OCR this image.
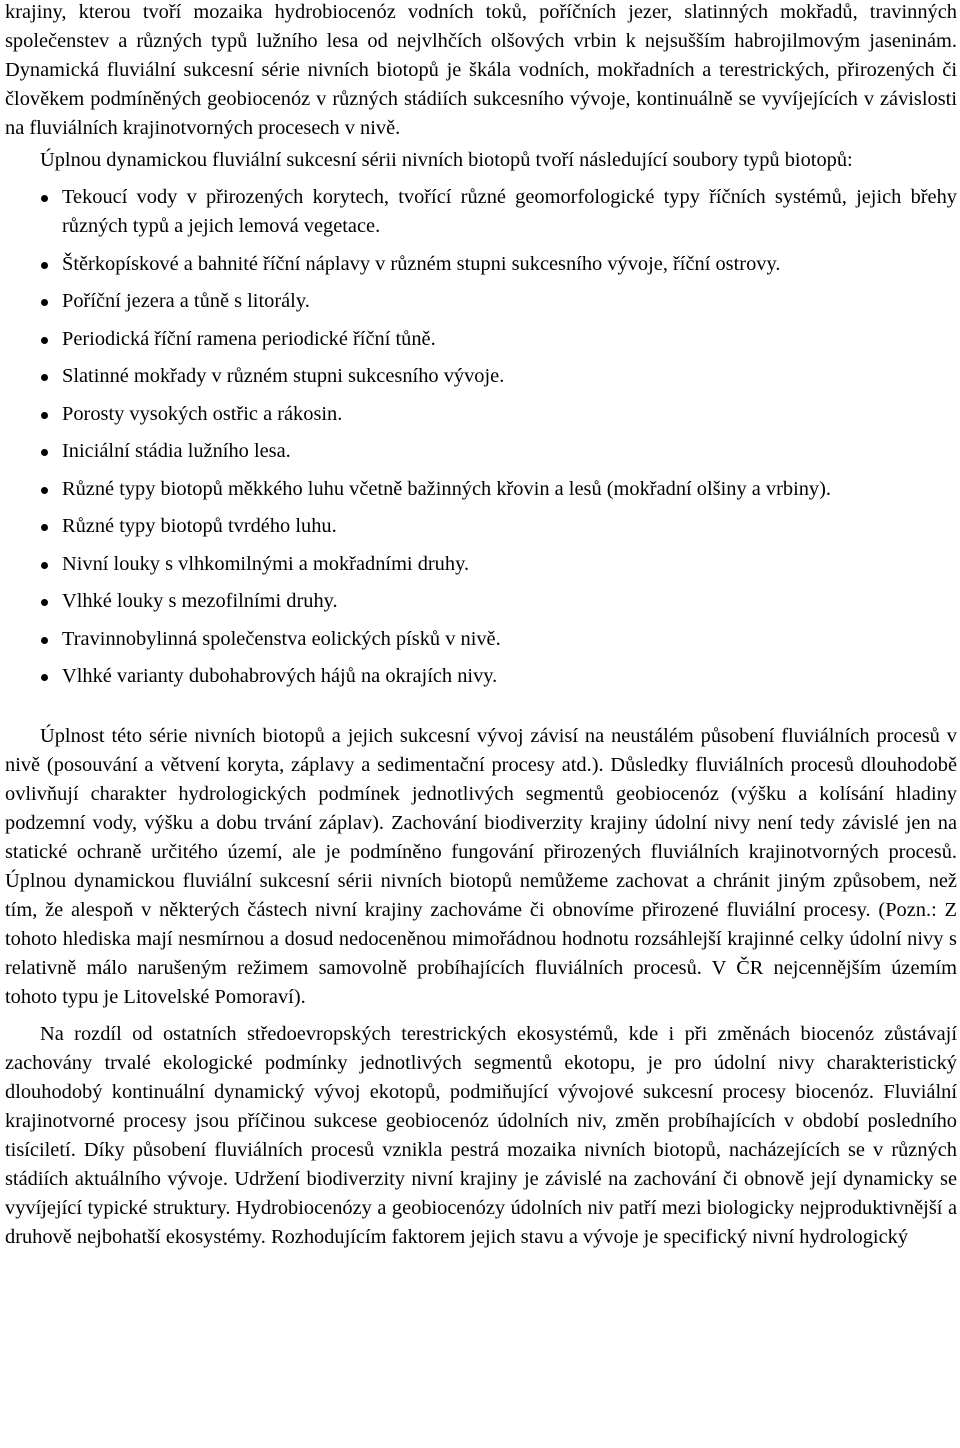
krajiny, kterou tvoří mozaika hydrobiocenóz vodních toků, poříčních jezer, slatinných mokřadů, travinných společenstev a různých typů lužního lesa od nejvlhčích olšových vrbin k nejsušším habrojilmovým jaseninám. Dynamická fluviální sukcesní série nivních biotopů je škála vodních, mokřadních a terestrických, přirozených či člověkem podmíněných geobiocenóz v různých stádiích sukcesního vývoje, kontinuálně se vyvíjejících v závislosti na fluviálních krajinotvorných procesech v nivě.

Úplnou dynamickou fluviální sukcesní sérii nivních biotopů tvoří následující soubory typů biotopů:

Tekoucí vody v přirozených korytech, tvořící různé geomorfologické typy říčních systémů, jejich břehy různých typů a jejich lemová vegetace.
Štěrkopískové a bahnité říční náplavy v různém stupni sukcesního vývoje, říční ostrovy.
Poříční jezera a tůně s litorály.
Periodická říční ramena periodické říční tůně.
Slatinné mokřady v různém stupni sukcesního vývoje.
Porosty vysokých ostřic a rákosin.
Iniciální stádia lužního lesa.
Různé typy biotopů měkkého luhu včetně bažinných křovin a lesů (mokřadní olšiny a vrbiny).
Různé typy biotopů tvrdého luhu.
Nivní louky s vlhkomilnými a mokřadními druhy.
Vlhké louky s mezofilními druhy.
Travinnobylinná společenstva eolických písků v nivě.
Vlhké varianty dubohabrových hájů na okrajích nivy.

Úplnost této série nivních biotopů a jejich sukcesní vývoj závisí na neustálém působení fluviálních procesů v nivě (posouvání a větvení koryta, záplavy a sedimentační procesy atd.). Důsledky fluviálních procesů dlouhodobě ovlivňují charakter hydrologických podmínek jednotlivých segmentů geobiocenóz (výšku a kolísání hladiny podzemní vody, výšku a dobu trvání záplav). Zachování biodiverzity krajiny údolní nivy není tedy závislé jen na statické ochraně určitého území, ale je podmíněno fungování přirozených fluviálních krajinotvorných procesů. Úplnou dynamickou fluviální sukcesní sérii nivních biotopů nemůžeme zachovat a chránit jiným způsobem, než tím, že alespoň v některých částech nivní krajiny zachováme či obnovíme přirozené fluviální procesy. (Pozn.: Z tohoto hlediska mají nesmírnou a dosud nedoceněnou mimořádnou hodnotu rozsáhlejší krajinné celky údolní nivy s relativně málo narušeným režimem samovolně probíhajících fluviálních procesů. V ČR nejcennějším územím tohoto typu je Litovelské Pomoraví).

Na rozdíl od ostatních středoevropských terestrických ekosystémů, kde i při změnách biocenóz zůstávají zachovány trvalé ekologické podmínky jednotlivých segmentů ekotopu, je pro údolní nivy charakteristický dlouhodobý kontinuální dynamický vývoj ekotopů, podmiňující vývojové sukcesní procesy biocenóz. Fluviální krajinotvorné procesy jsou příčinou sukcese geobiocenóz údolních niv, změn probíhajících v období posledního tisíciletí. Díky působení fluviálních procesů vznikla pestrá mozaika nivních biotopů, nacházejících se v různých stádiích aktuálního vývoje. Udržení biodiverzity nivní krajiny je závislé na zachování či obnově její dynamicky se vyvíjející typické struktury. Hydrobiocenózy a geobiocenózy údolních niv patří mezi biologicky nejproduktivnější a druhově nejbohatší ekosystémy. Rozhodujícím faktorem jejich stavu a vývoje je specifický nivní hydrologický
